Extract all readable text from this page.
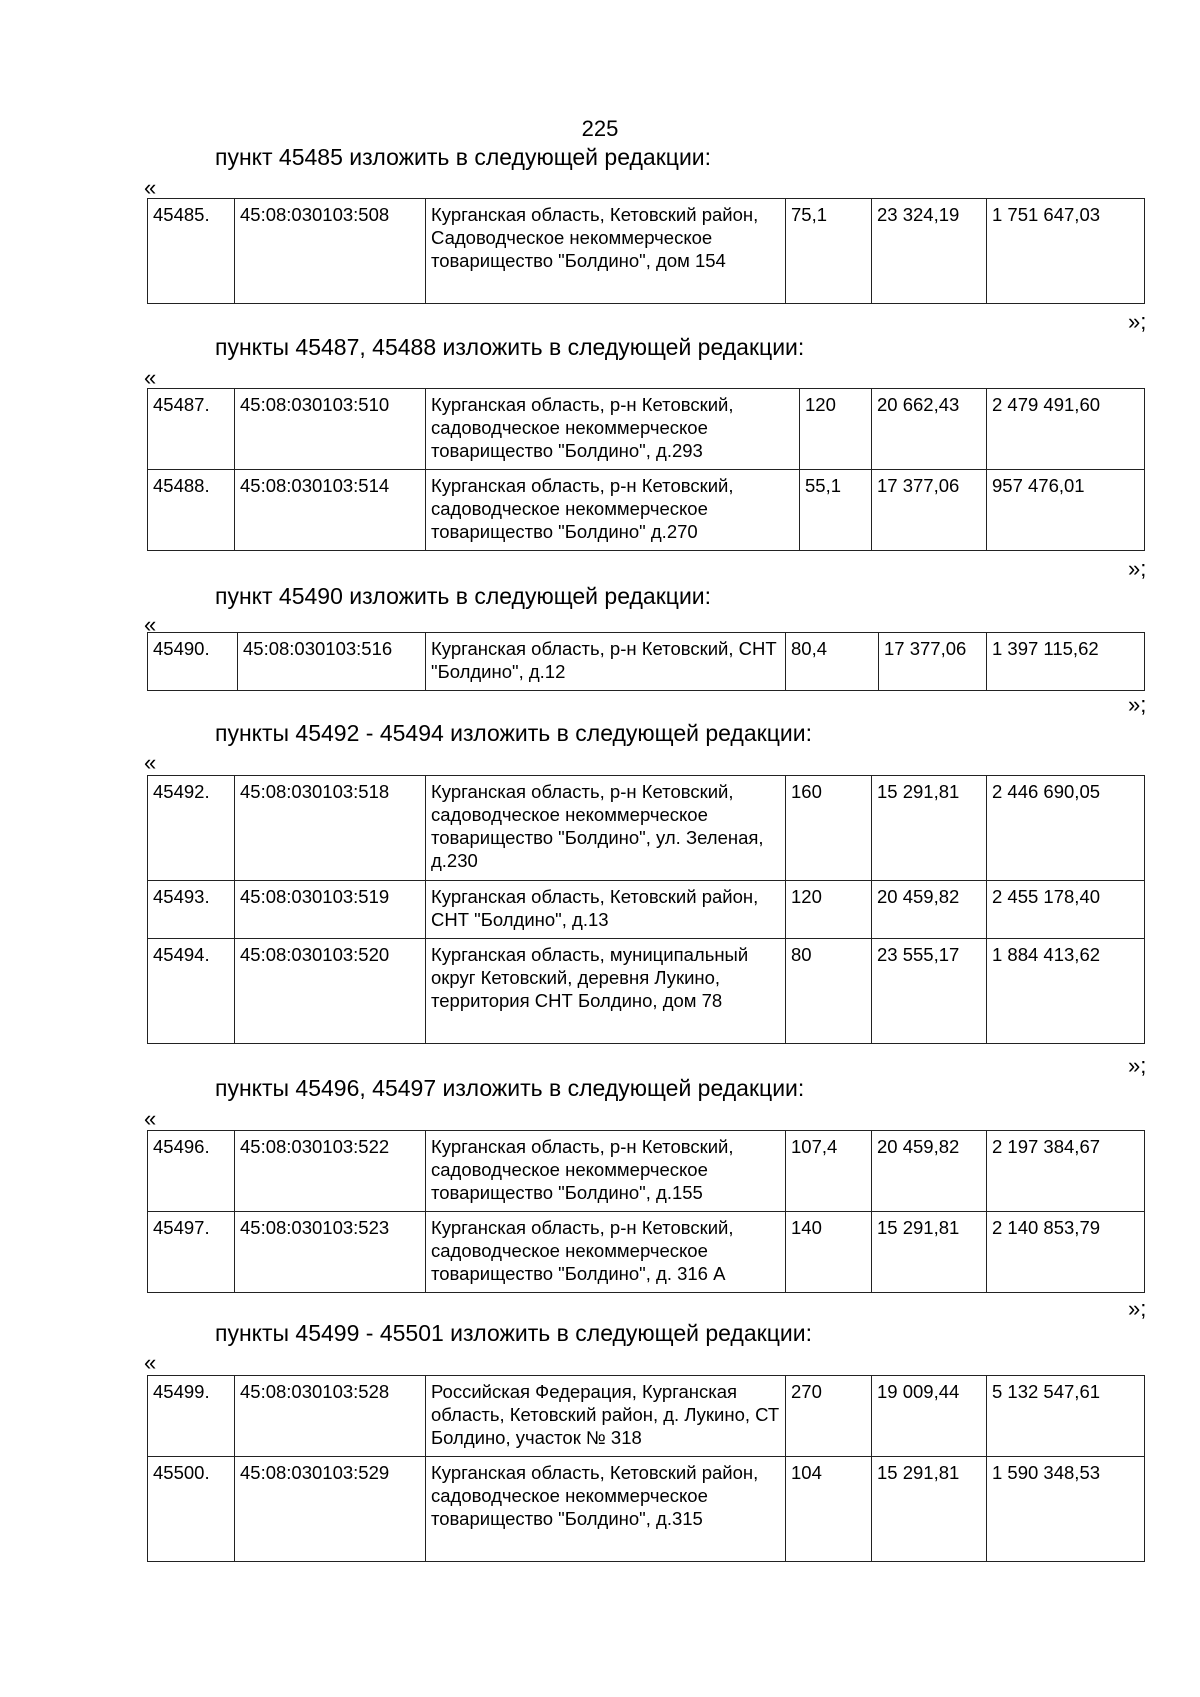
225
пункт 45485 изложить в следующей редакции:
«
45485.	45:08:030103:508	Курганская область, Кетовский район, Садоводческое некоммерческое товарищество "Болдино", дом 154	75,1	23 324,19	1 751 647,03
»;
пункты 45487, 45488 изложить в следующей редакции:
«
45487.	45:08:030103:510	Курганская область, р-н Кетовский, садоводческое некоммерческое товарищество "Болдино", д.293	120	20 662,43	2 479 491,60
45488.	45:08:030103:514	Курганская область, р-н Кетовский, садоводческое некоммерческое товарищество "Болдино" д.270	55,1	17 377,06	957 476,01
»;
пункт 45490 изложить в следующей редакции:
«
45490.	45:08:030103:516	Курганская область, р-н Кетовский, СНТ "Болдино", д.12	80,4	17 377,06	1 397 115,62
»;
пункты 45492 - 45494 изложить в следующей редакции:
«
45492.	45:08:030103:518	Курганская область, р-н Кетовский, садоводческое некоммерческое товарищество "Болдино", ул. Зеленая, д.230	160	15 291,81	2 446 690,05
45493.	45:08:030103:519	Курганская область, Кетовский район, СНТ "Болдино", д.13	120	20 459,82	2 455 178,40
45494.	45:08:030103:520	Курганская область, муниципальный округ Кетовский, деревня Лукино, территория СНТ Болдино, дом 78	80	23 555,17	1 884 413,62
»;
пункты 45496, 45497 изложить в следующей редакции:
«
45496.	45:08:030103:522	Курганская область, р-н Кетовский, садоводческое некоммерческое товарищество "Болдино", д.155	107,4	20 459,82	2 197 384,67
45497.	45:08:030103:523	Курганская область, р-н Кетовский, садоводческое некоммерческое товарищество "Болдино", д. 316 А	140	15 291,81	2 140 853,79
»;
пункты 45499 - 45501 изложить в следующей редакции:
«
45499.	45:08:030103:528	Российская Федерация, Курганская область, Кетовский район, д. Лукино, СТ Болдино, участок № 318	270	19 009,44	5 132 547,61
45500.	45:08:030103:529	Курганская область, Кетовский район, садоводческое некоммерческое товарищество "Болдино", д.315	104	15 291,81	1 590 348,53
